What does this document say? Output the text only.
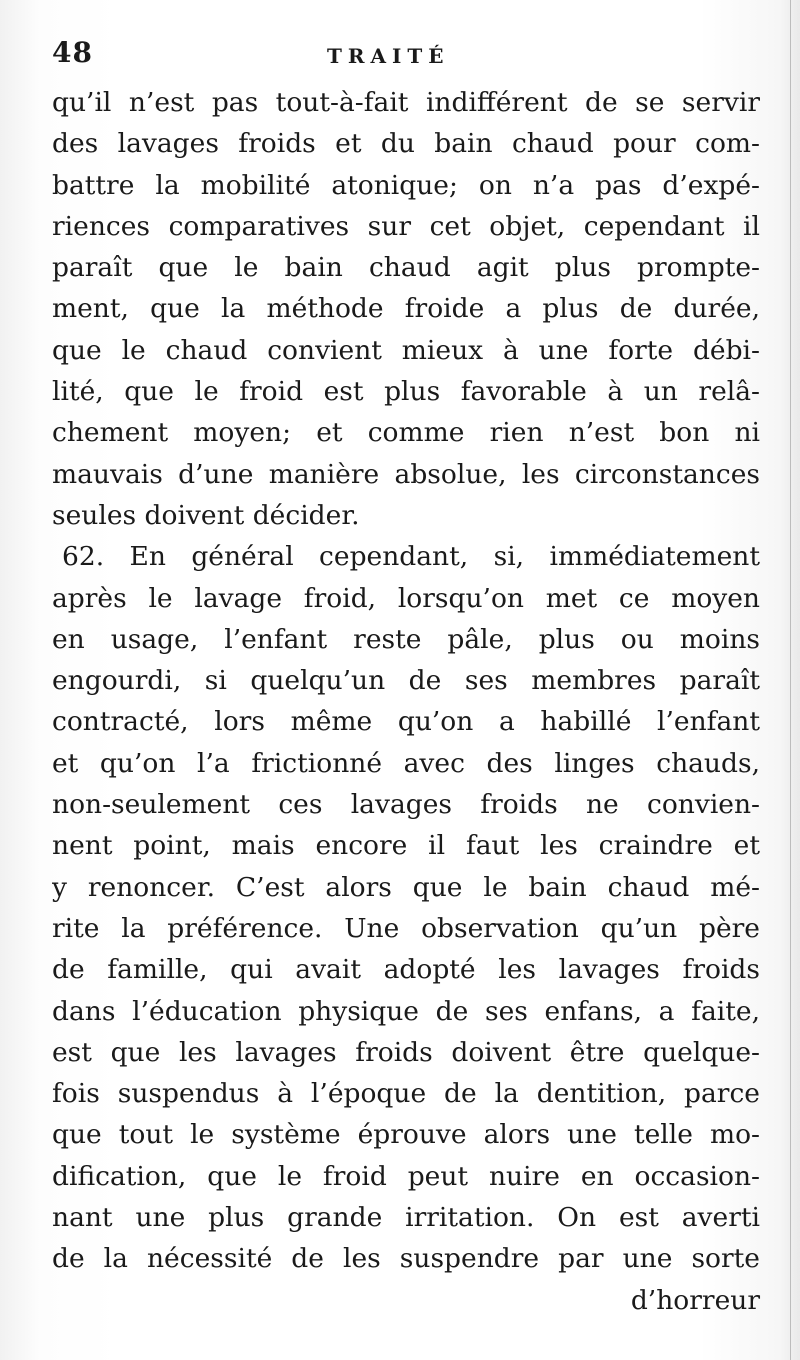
48	TRAITÉ
qu’il n’est pas tout-à-fait indifférent de se servir
des lavages froids et du bain chaud pour com-
battre la mobilité atonique; on n’a pas d’expé-
riences comparatives sur cet objet, cependant il
paraît que le bain chaud agit plus prompte-
ment, que la méthode froide a plus de durée,
que le chaud convient mieux à une forte débi-
lité, que le froid est plus favorable à un relâ-
chement moyen; et comme rien n’est bon ni
mauvais d’une manière absolue, les circonstances
seules doivent décider.
62. En général cependant, si, immédiatement
après le lavage froid, lorsqu’on met ce moyen
en usage, l’enfant reste pâle, plus ou moins
engourdi, si quelqu’un de ses membres paraît
contracté, lors même qu’on a habillé l’enfant
et qu’on l’a frictionné avec des linges chauds,
non-seulement ces lavages froids ne convien-
nent point, mais encore il faut les craindre et
y renoncer. C’est alors que le bain chaud mé-
rite la préférence. Une observation qu’un père
de famille, qui avait adopté les lavages froids
dans l’éducation physique de ses enfans, a faite,
est que les lavages froids doivent être quelque-
fois suspendus à l’époque de la dentition, parce
que tout le système éprouve alors une telle mo-
dification, que le froid peut nuire en occasion-
nant une plus grande irritation. On est averti
de la nécessité de les suspendre par une sorte
d’horreur
